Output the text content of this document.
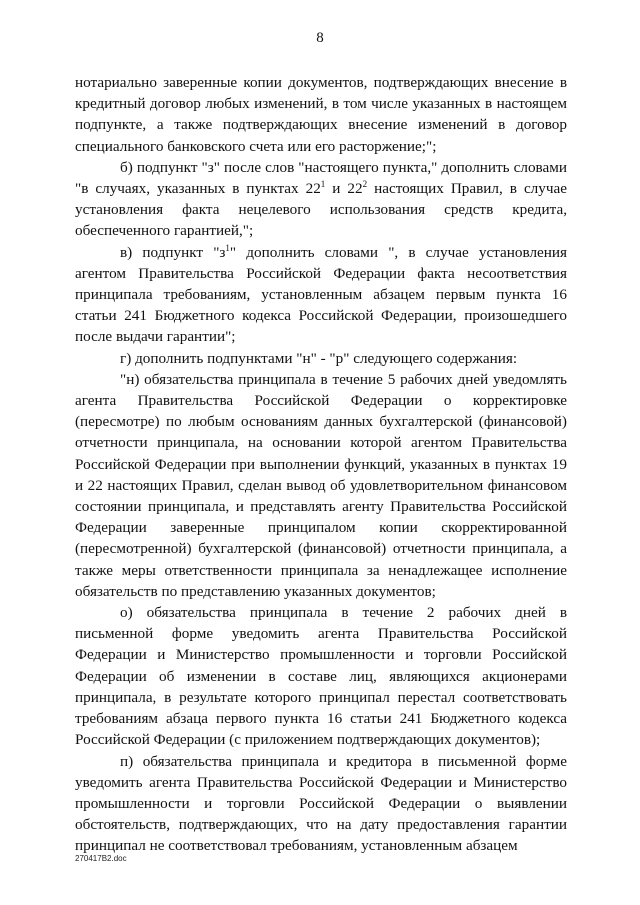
8

нотариально заверенные копии документов, подтверждающих внесение в кредитный договор любых изменений, в том числе указанных в настоящем подпункте, а также подтверждающих внесение изменений в договор специального банковского счета или его расторжение;";

б) подпункт "з" после слов "настоящего пункта," дополнить словами "в случаях, указанных в пунктах $22^1$ и $22^2$ настоящих Правил, в случае установления факта нецелевого использования средств кредита, обеспеченного гарантией,";

в) подпункт "$з^1$" дополнить словами ", в случае установления агентом Правительства Российской Федерации факта несоответствия принципала требованиям, установленным абзацем первым пункта 16 статьи 241 Бюджетного кодекса Российской Федерации, произошедшего после выдачи гарантии";

г) дополнить подпунктами "н" - "р" следующего содержания:

"н) обязательства принципала в течение 5 рабочих дней уведомлять агента Правительства Российской Федерации о корректировке (пересмотре) по любым основаниям данных бухгалтерской (финансовой) отчетности принципала, на основании которой агентом Правительства Российской Федерации при выполнении функций, указанных в пунктах 19 и 22 настоящих Правил, сделан вывод об удовлетворительном финансовом состоянии принципала, и представлять агенту Правительства Российской Федерации заверенные принципалом копии скорректированной (пересмотренной) бухгалтерской (финансовой) отчетности принципала, а также меры ответственности принципала за ненадлежащее исполнение обязательств по представлению указанных документов;

о) обязательства принципала в течение 2 рабочих дней в письменной форме уведомить агента Правительства Российской Федерации и Министерство промышленности и торговли Российской Федерации об изменении в составе лиц, являющихся акционерами принципала, в результате которого принципал перестал соответствовать требованиям абзаца первого пункта 16 статьи 241 Бюджетного кодекса Российской Федерации (с приложением подтверждающих документов);

п) обязательства принципала и кредитора в письменной форме уведомить агента Правительства Российской Федерации и Министерство промышленности и торговли Российской Федерации о выявлении обстоятельств, подтверждающих, что на дату предоставления гарантии принципал не соответствовал требованиям, установленным абзацем

270417B2.doc
